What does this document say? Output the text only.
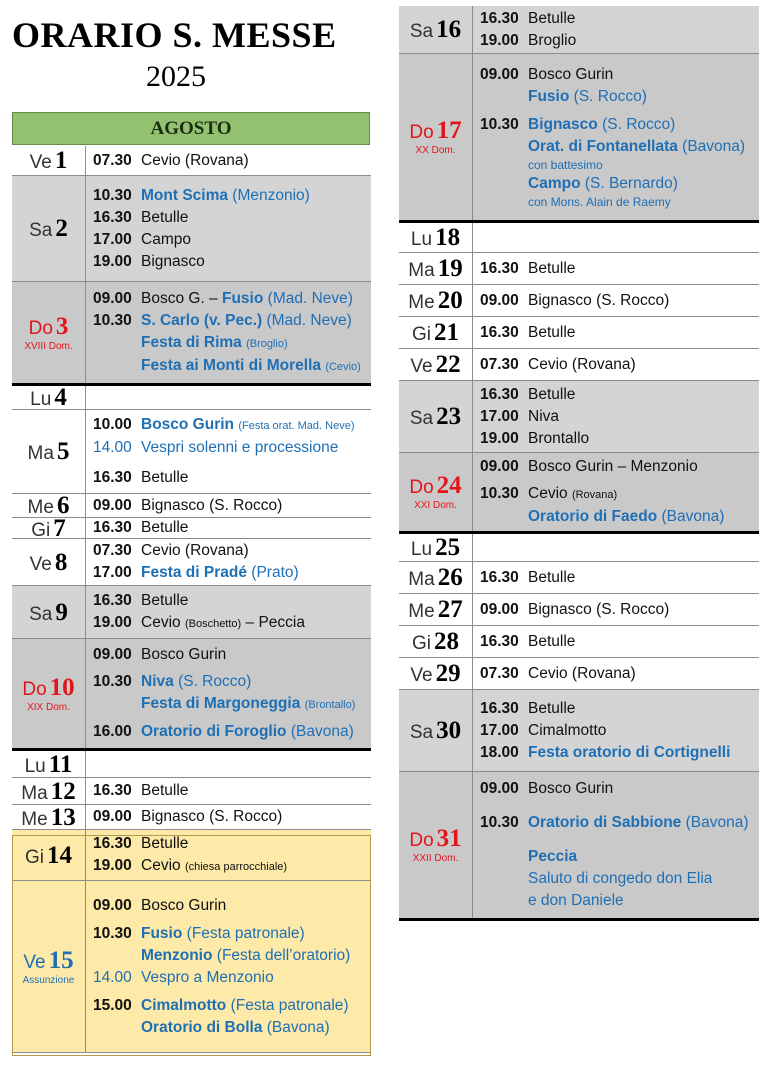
ORARIO S. MESSE
2025
AGOSTO
Ve 1 07.30 Cevio (Rovana)
Sa 2
10.30 Mont Scima (Menzonio)
16.30 Betulle
17.00 Campo
19.00 Bignasco
Do 3
XVIII Dom.
09.00 Bosco G. – Fusio (Mad. Neve)
10.30 S. Carlo (v. Pec.) (Mad. Neve)
Festa di Rima (Broglio)
Festa ai Monti di Morella (Cevio)
Lu 4
Ma 5
10.00 Bosco Gurin (Festa orat. Mad. Neve)
14.00 Vespri solenni e processione
16.30 Betulle
Me 6 09.00 Bignasco (S. Rocco)
Gi 7 16.30 Betulle
Ve 8 07.30 Cevio (Rovana)
17.00 Festa di Pradé (Prato)
Sa 9 16.30 Betulle
19.00 Cevio (Boschetto) – Peccia
Do 10
XIX Dom.
09.00 Bosco Gurin
10.30 Niva (S. Rocco)
Festa di Margoneggia (Brontallo)
16.00 Oratorio di Foroglio (Bavona)
Lu 11
Ma 12 16.30 Betulle
Me 13 09.00 Bignasco (S. Rocco)
Gi 14 16.30 Betulle
19.00 Cevio (chiesa parrocchiale)
Ve 15
Assunzione
09.00 Bosco Gurin
10.30 Fusio (Festa patronale)
Menzonio (Festa dell’oratorio)
14.00 Vespro a Menzonio
15.00 Cimalmotto (Festa patronale)
Oratorio di Bolla (Bavona)
Sa 16 16.30 Betulle
19.00 Broglio
Do 17
XX Dom.
09.00 Bosco Gurin
Fusio (S. Rocco)
10.30 Bignasco (S. Rocco)
Orat. di Fontanellata (Bavona)
con battesimo
Campo (S. Bernardo)
con Mons. Alain de Raemy
Lu 18
Ma 19 16.30 Betulle
Me 20 09.00 Bignasco (S. Rocco)
Gi 21 16.30 Betulle
Ve 22 07.30 Cevio (Rovana)
Sa 23
16.30 Betulle
17.00 Niva
19.00 Brontallo
Do 24
XXI Dom.
09.00 Bosco Gurin – Menzonio
10.30 Cevio (Rovana)
Oratorio di Faedo (Bavona)
Lu 25
Ma 26 16.30 Betulle
Me 27 09.00 Bignasco (S. Rocco)
Gi 28 16.30 Betulle
Ve 29 07.30 Cevio (Rovana)
Sa 30
16.30 Betulle
17.00 Cimalmotto
18.00 Festa oratorio di Cortignelli
Do 31
XXII Dom.
09.00 Bosco Gurin
10.30 Oratorio di Sabbione (Bavona)
Peccia
Saluto di congedo don Elia
e don Daniele
